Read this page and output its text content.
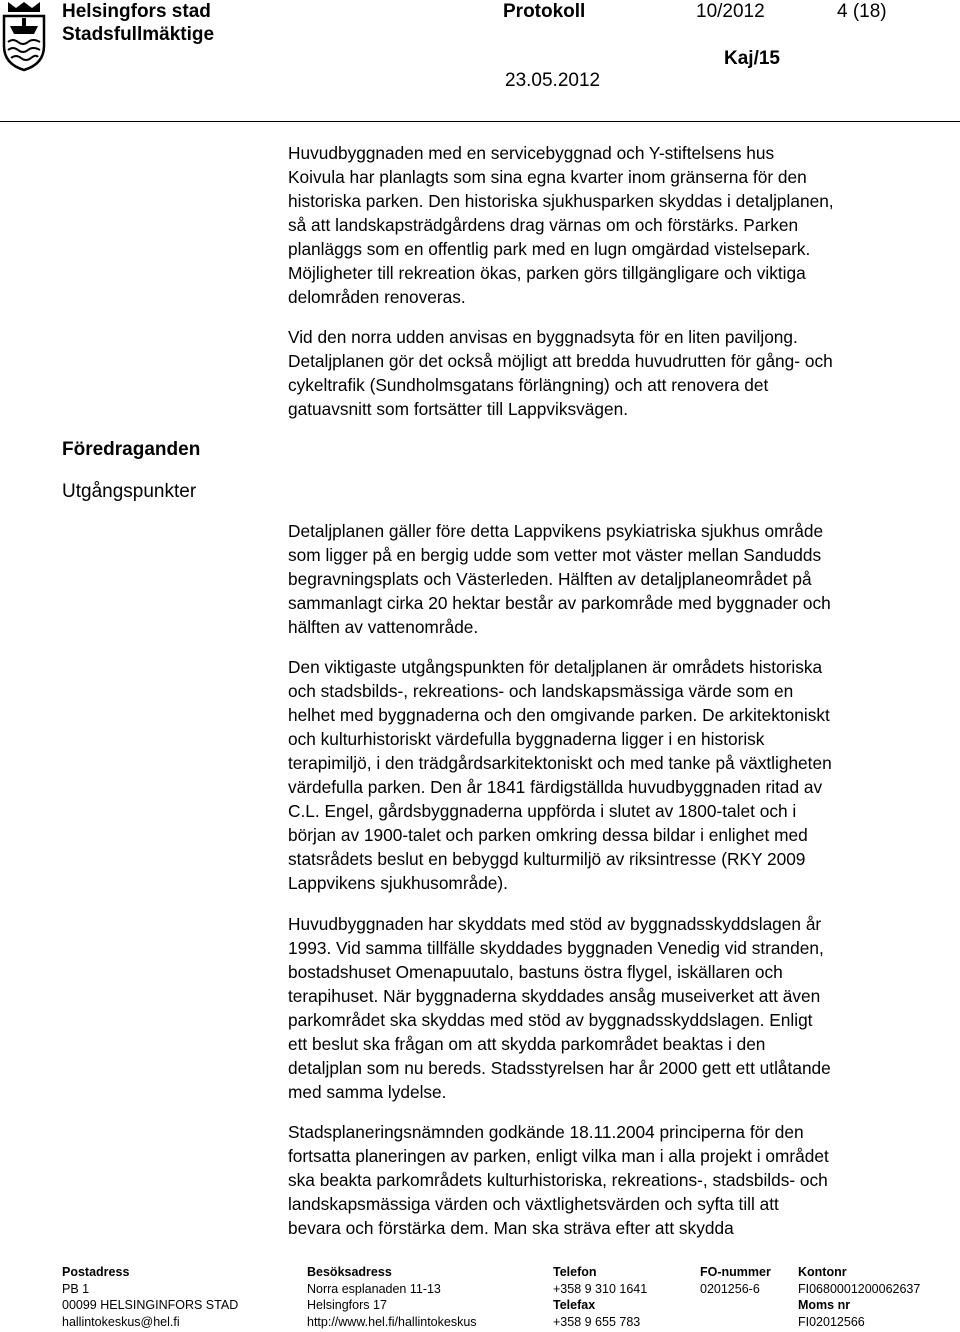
Helsingfors stad
Stadsfullmäktige
Protokoll	10/2012	4 (18)
Kaj/15
23.05.2012
Föredraganden
Utgångspunkter
Huvudbyggnaden med en servicebyggnad och Y-stiftelsens hus
Koivula har planlagts som sina egna kvarter inom gränserna för den
historiska parken. Den historiska sjukhusparken skyddas i detaljplanen,
så att landskapsträdgårdens drag värnas om och förstärks. Parken
planläggs som en offentlig park med en lugn omgärdad vistelsepark.
Möjligheter till rekreation ökas, parken görs tillgängligare och viktiga
delområden renoveras.
Vid den norra udden anvisas en byggnadsyta för en liten paviljong.
Detaljplanen gör det också möjligt att bredda huvudrutten för gång- och
cykeltrafik (Sundholmsgatans förlängning) och att renovera det
gatuavsnitt som fortsätter till Lappviksvägen.
Detaljplanen gäller före detta Lappvikens psykiatriska sjukhus område
som ligger på en bergig udde som vetter mot väster mellan Sandudds
begravningsplats och Västerleden. Hälften av detaljplaneområdet på
sammanlagt cirka 20 hektar består av parkområde med byggnader och
hälften av vattenområde.
Den viktigaste utgångspunkten för detaljplanen är områdets historiska
och stadsbilds-, rekreations- och landskapsmässiga värde som en
helhet med byggnaderna och den omgivande parken. De arkitektoniskt
och kulturhistoriskt värdefulla byggnaderna ligger i en historisk
terapimiljö, i den trädgårdsarkitektoniskt och med tanke på växtligheten
värdefulla parken. Den år 1841 färdigställda huvudbyggnaden ritad av
C.L. Engel, gårdsbyggnaderna uppförda i slutet av 1800-talet och i
början av 1900-talet och parken omkring dessa bildar i enlighet med
statsrådets beslut en bebyggd kulturmiljö av riksintresse (RKY 2009
Lappvikens sjukhusområde).
Huvudbyggnaden har skyddats med stöd av byggnadsskyddslagen år
1993. Vid samma tillfälle skyddades byggnaden Venedig vid stranden,
bostadshuset Omenapuutalo, bastuns östra flygel, iskällaren och
terapihuset. När byggnaderna skyddades ansåg museiverket att även
parkområdet ska skyddas med stöd av byggnadsskyddslagen. Enligt
ett beslut ska frågan om att skydda parkområdet beaktas i den
detaljplan som nu bereds. Stadsstyrelsen har år 2000 gett ett utlåtande
med samma lydelse.
Stadsplaneringsnämnden godkände 18.11.2004 principerna för den
fortsatta planeringen av parken, enligt vilka man i alla projekt i området
ska beakta parkområdets kulturhistoriska, rekreations-, stadsbilds- och
landskapsmässiga värden och växtlighetsvärden och syfta till att
bevara och förstärka dem. Man ska sträva efter att skydda
Postadress
PB 1
00099 HELSINGINFORS STAD
hallintokeskus@hel.fi
Besöksadress
Norra esplanaden 11-13
Helsingfors 17
http://www.hel.fi/hallintokeskus
Telefon
+358 9 310 1641
Telefax
+358 9 655 783
FO-nummer
0201256-6
Kontonr
FI0680001200062637
Moms nr
FI02012566
